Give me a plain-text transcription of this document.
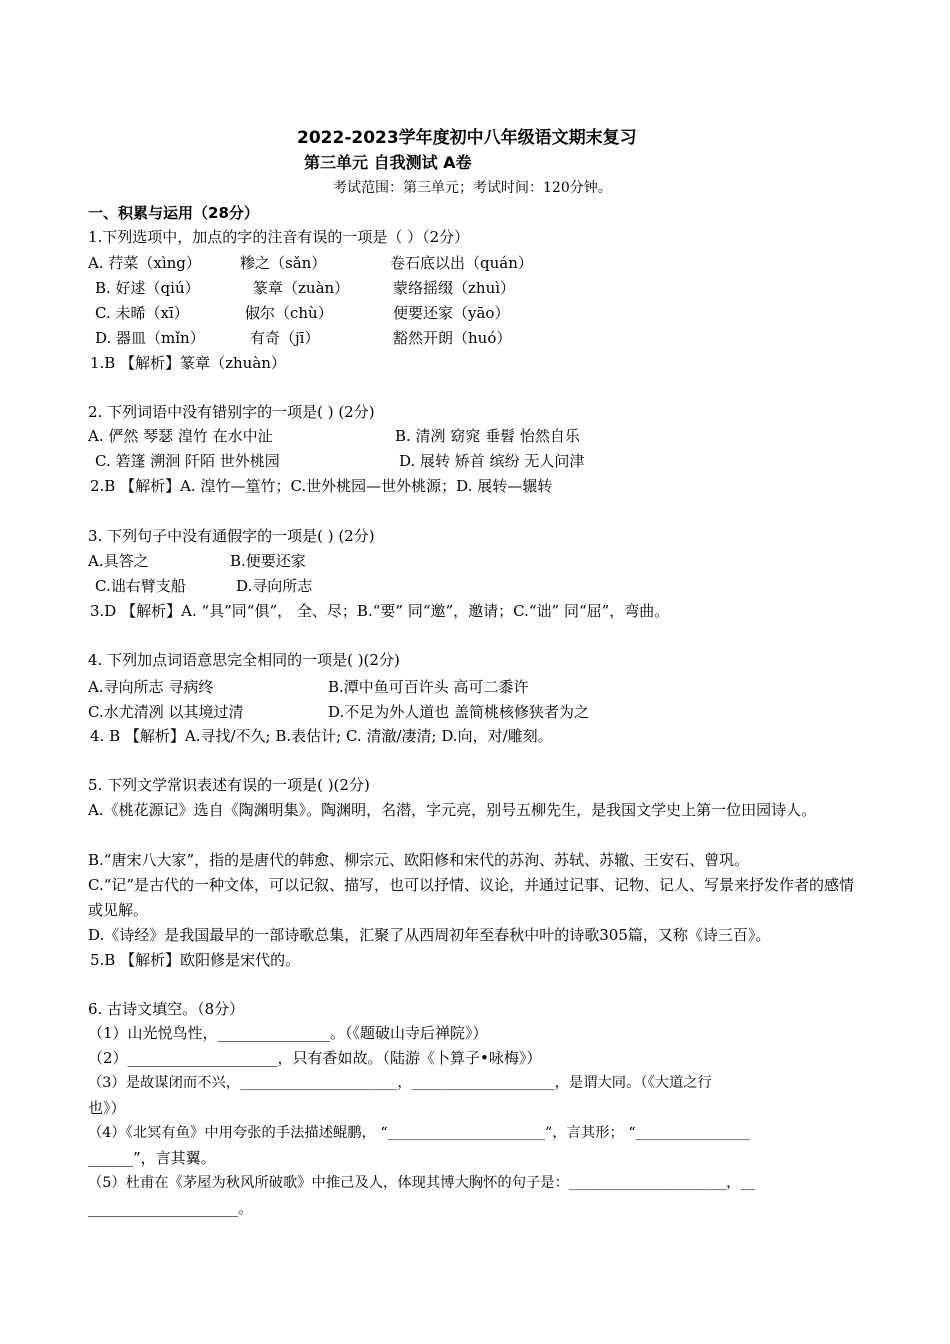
2022-2023学年度初中八年级语文期末复习
第三单元 自我测试 A卷
考试范围：第三单元；考试时间：120分钟。
一、积累与运用（28分）
1.下列选项中，加点的字的注音有误的一项是（ ）（2分）
A. 荇菜（xìng）	糁之（sǎn）	卷石底以出（quán）
B. 好逑（qiú）	篆章（zuàn）	蒙络摇缀（zhuì）
C. 未晞（xī）	俶尔（chù）	便要还家（yāo）
D. 器皿（mǐn）	有奇（jī）	豁然开朗（huó）
1.B 【解析】篆章（zhuàn）
2. 下列词语中没有错别字的一项是( ) (2分)
A. 俨然 琴瑟 湟竹 在水中沚	B. 清冽 窈窕 垂髫 怡然自乐
C. 箬篷 溯洄 阡陌 世外桃园	D. 展转 矫首 缤纷 无人问津
2.B 【解析】A. 湟竹—篁竹；C.世外桃园—世外桃源；D. 展转—辗转
3. 下列句子中没有通假字的一项是( ) (2分)
A.具答之	B.便要还家
C.诎右臂支船	D.寻向所志
3.D 【解析】A. “具”同“俱”， 全、尽；B.“要” 同“邀”，邀请；C.“诎” 同“屈”，弯曲。
4. 下列加点词语意思完全相同的一项是( )(2分)
A.寻向所志 寻病终	B.潭中鱼可百许头 高可二黍许
C.水尤清冽 以其境过清	D.不足为外人道也 盖简桃核修狭者为之
4. B 【解析】A.寻找/不久; B.表估计; C. 清澈/凄清; D.向，对/雕刻。
5. 下列文学常识表述有误的一项是( )(2分)
A.《桃花源记》选自《陶渊明集》。陶渊明，名潜，字元亮，别号五柳先生，是我国文学史上第一位田园诗人。
B.“唐宋八大家”，指的是唐代的韩愈、柳宗元、欧阳修和宋代的苏洵、苏轼、苏辙、王安石、曾巩。
C.“记”是古代的一种文体，可以记叙、描写，也可以抒情、议论，并通过记事、记物、记人、写景来抒发作者的感情或见解。
D.《诗经》是我国最早的一部诗歌总集，汇聚了从西周初年至春秋中叶的诗歌305篇，又称《诗三百》。
5.B 【解析】欧阳修是宋代的。
6. 古诗文填空。（8分）
（1）山光悦鸟性，_______________。（《题破山寺后禅院》）
（2）____________________，只有香如故。（陆游《卜算子•咏梅》）
（3）是故谋闭而不兴，______________________，____________________，是谓大同。（《大道之行
也》）
（4）《北冥有鱼》中用夸张的手法描述鲲鹏， “______________________”，言其形； “________________
______”，言其翼。
（5）杜甫在《茅屋为秋风所破歌》中推己及人，体现其博大胸怀的句子是：______________________，__
____________________。
